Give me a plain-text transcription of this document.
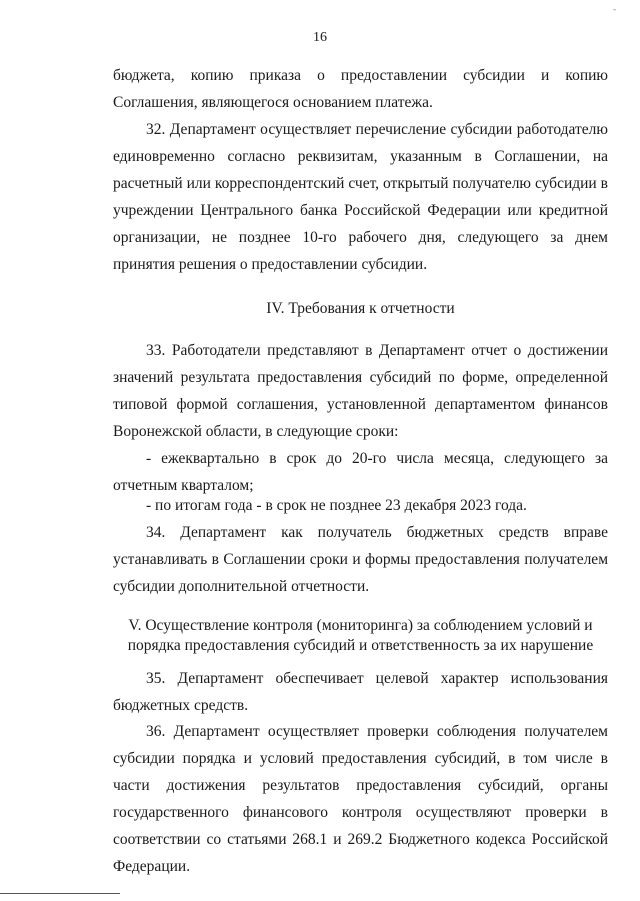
-
16

бюджета, копию приказа о предоставлении субсидии и копию Соглашения, являющегося основанием платежа.

32. Департамент осуществляет перечисление субсидии работодателю единовременно согласно реквизитам, указанным в Соглашении, на расчетный или корреспондентский счет, открытый получателю субсидии в учреждении Центрального банка Российской Федерации или кредитной организации, не позднее 10-го рабочего дня, следующего за днем принятия решения о предоставлении субсидии.

IV. Требования к отчетности

33. Работодатели представляют в Департамент отчет о достижении значений результата предоставления субсидий по форме, определенной типовой формой соглашения, установленной департаментом финансов Воронежской области, в следующие сроки:

- ежеквартально в срок до 20-го числа месяца, следующего за отчетным кварталом;

- по итогам года - в срок не позднее 23 декабря 2023 года.

34. Департамент как получатель бюджетных средств вправе устанавливать в Соглашении сроки и формы предоставления получателем субсидии дополнительной отчетности.

V. Осуществление контроля (мониторинга) за соблюдением условий и порядка предоставления субсидий и ответственность за их нарушение

35. Департамент обеспечивает целевой характер использования бюджетных средств.

36. Департамент осуществляет проверки соблюдения получателем субсидии порядка и условий предоставления субсидий, в том числе в части достижения результатов предоставления субсидий, органы государственного финансового контроля осуществляют проверки в соответствии со статьями 268.1 и 269.2 Бюджетного кодекса Российской Федерации.
